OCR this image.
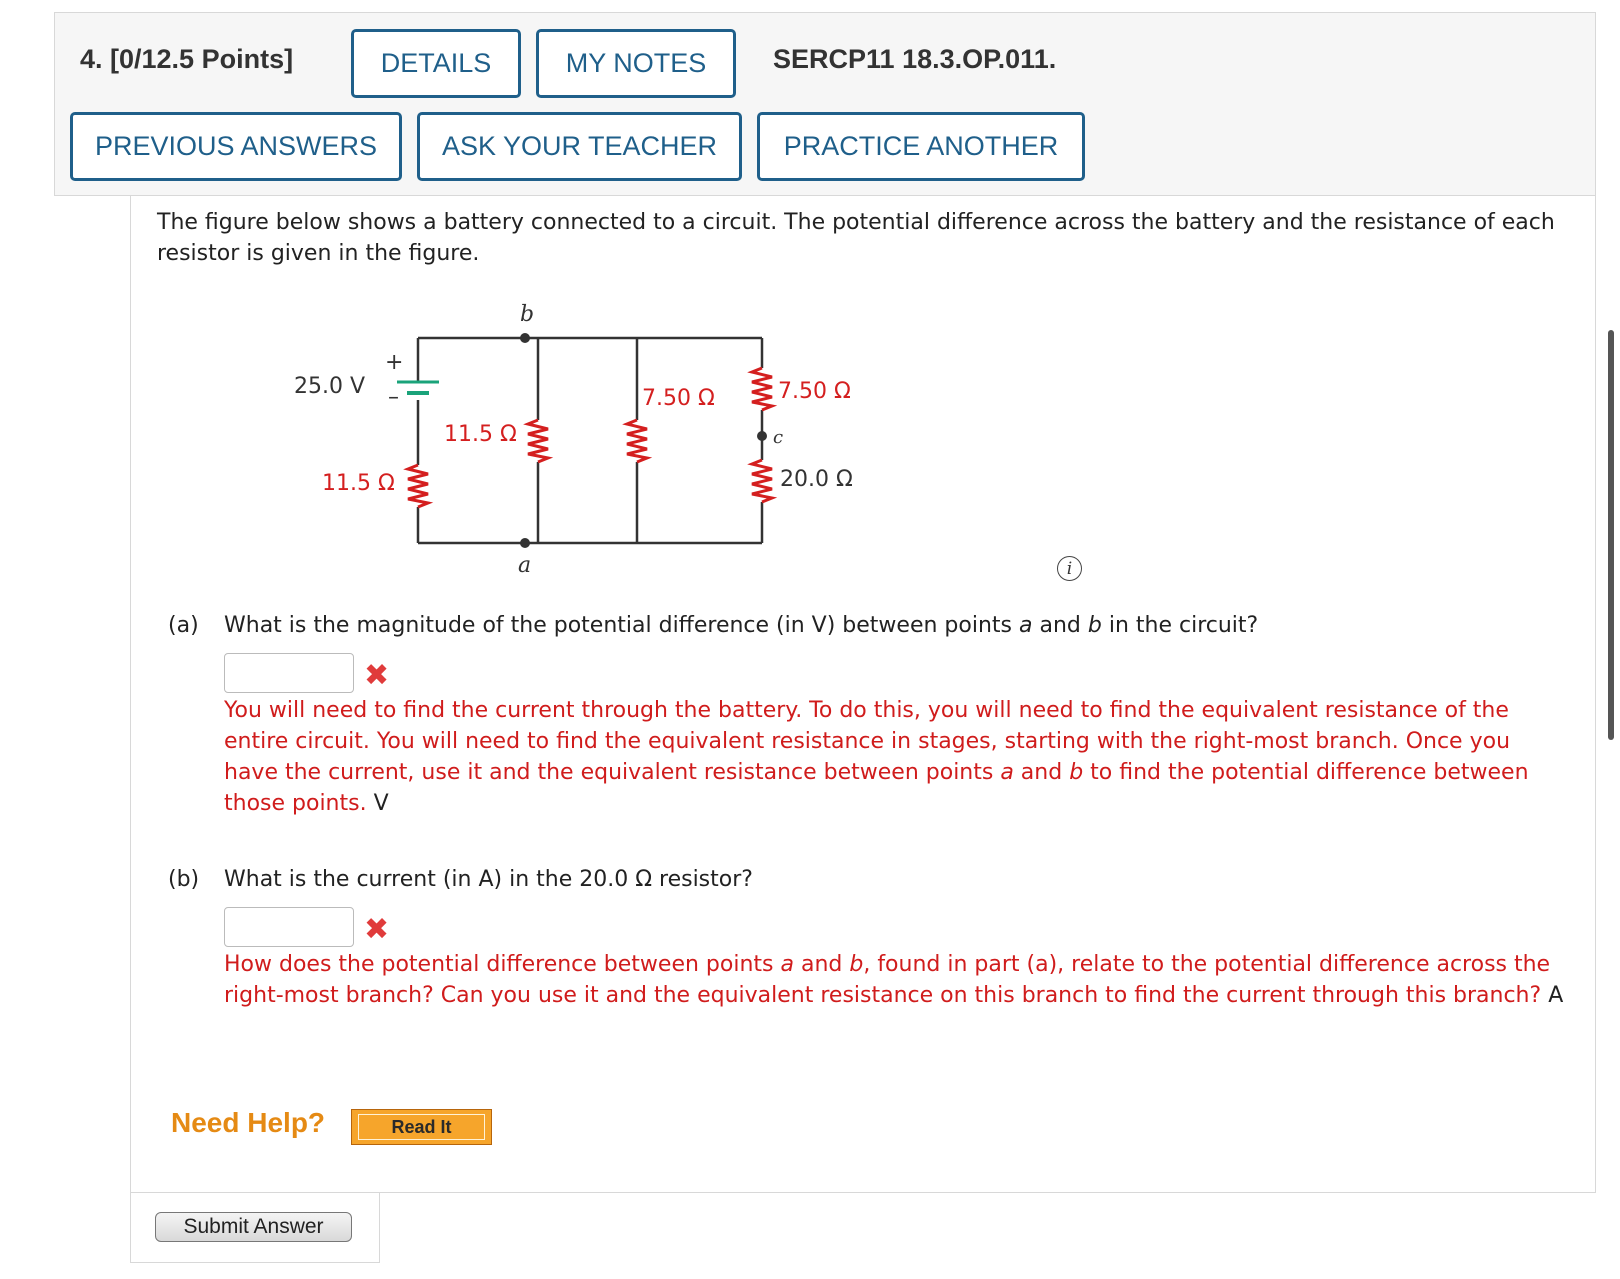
4. [0/12.5 Points]	DETAILS	MY NOTES	SERCP11 18.3.OP.011.
PREVIOUS ANSWERS	ASK YOUR TEACHER	PRACTICE ANOTHER
The figure below shows a battery connected to a circuit. The potential difference across the battery and the resistance of each resistor is given in the figure.
+
–
25.0 V
11.5 Ω
11.5 Ω
7.50 Ω	7.50 Ω
20.0 Ω
b
a
c
i
(a) What is the magnitude of the potential difference (in V) between points a and b in the circuit?
✖
You will need to find the current through the battery. To do this, you will need to find the equivalent resistance of the entire circuit. You will need to find the equivalent resistance in stages, starting with the right-most branch. Once you have the current, use it and the equivalent resistance between points a and b to find the potential difference between those points. V
(b) What is the current (in A) in the 20.0 Ω resistor?
✖
How does the potential difference between points a and b, found in part (a), relate to the potential difference across the right-most branch? Can you use it and the equivalent resistance on this branch to find the current through this branch? A
Need Help?	Read It
Submit Answer
